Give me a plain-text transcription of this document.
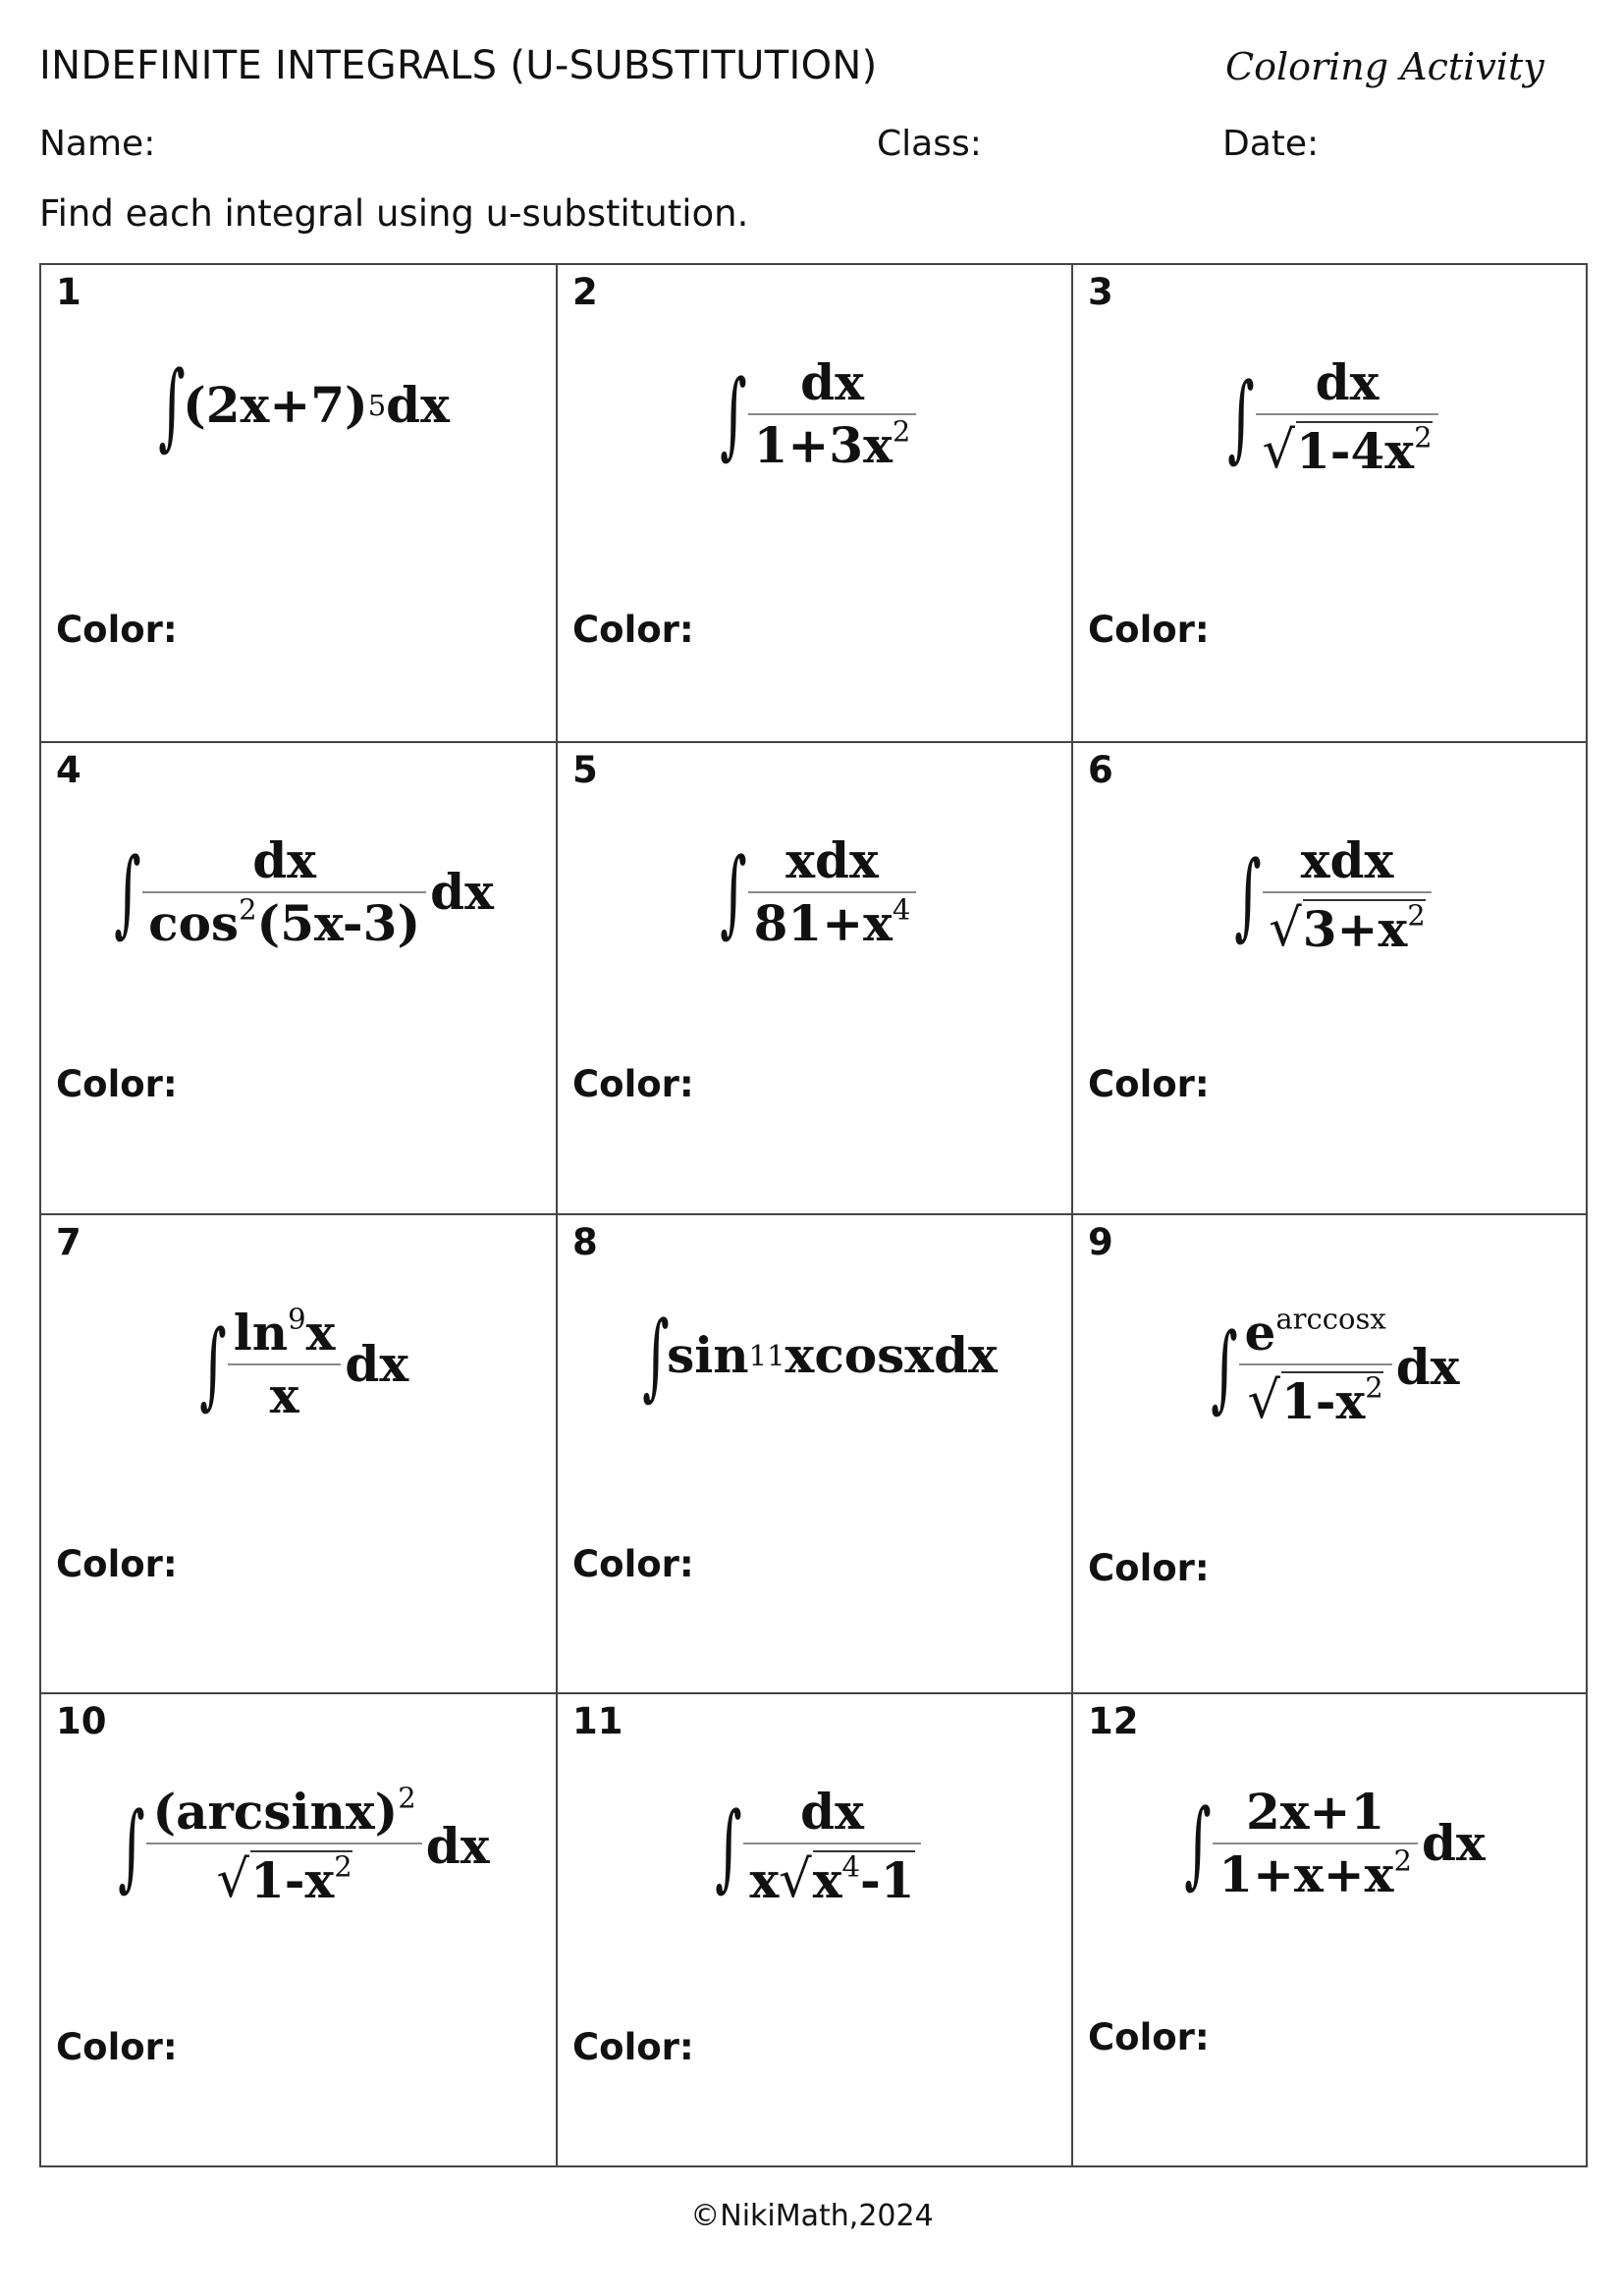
INDEFINITE INTEGRALS (U-SUBSTITUTION)	Coloring Activity
Name:	Class:	Date:
Find each integral using u-substitution.
1
∫
(2x+7) 5 dx
Color:
2
∫ $\frac{dx}{1+3x^2}$
Color:
3
∫ $\frac{dx}{√ 1-4x^2}$
Color:
4
∫ $\frac{dx}{\cos^2(5x-3)}$ dx
Color:
5
∫ $\frac{\text{xdx}}{81+x^4}$
Color:
6
∫ $\frac{\text{xdx}}{√ 3+x^2}$
Color:
7
∫ $\frac{\ln^9x}{x}$ dx
Color:
8
∫
sin 11 xcosxdx
Color:
9
∫ $\frac{e^{arccosx}}{√ 1-x^2}$ dx
Color:
10
∫ $\frac{(\arcsin x)^2}{√ 1-x^2}$ dx
Color:
11
∫ $\frac{dx}{x √ x^4-1}$
Color:
12
∫ $\frac{2x+1}{1+x+x^2}$ dx
Color:
©NikiMath,2024
